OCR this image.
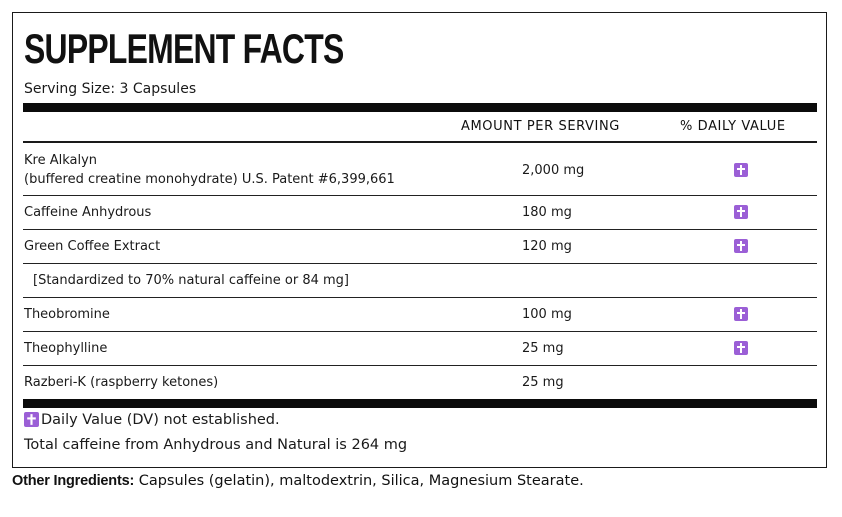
SUPPLEMENT FACTS
Serving Size: 3 Capsules
AMOUNT PER SERVING	% DAILY VALUE
Kre Alkalyn
(buffered creatine monohydrate) U.S. Patent #6,399,661
2,000 mg
Caffeine Anhydrous	180 mg
Green Coffee Extract	120 mg
[Standardized to 70% natural caffeine or 84 mg]
Theobromine	100 mg
Theophylline	25 mg
Razberi-K (raspberry ketones)	25 mg
Daily Value (DV) not established.
Total caffeine from Anhydrous and Natural is 264 mg
Other Ingredients: Capsules (gelatin), maltodextrin, Silica, Magnesium Stearate.
